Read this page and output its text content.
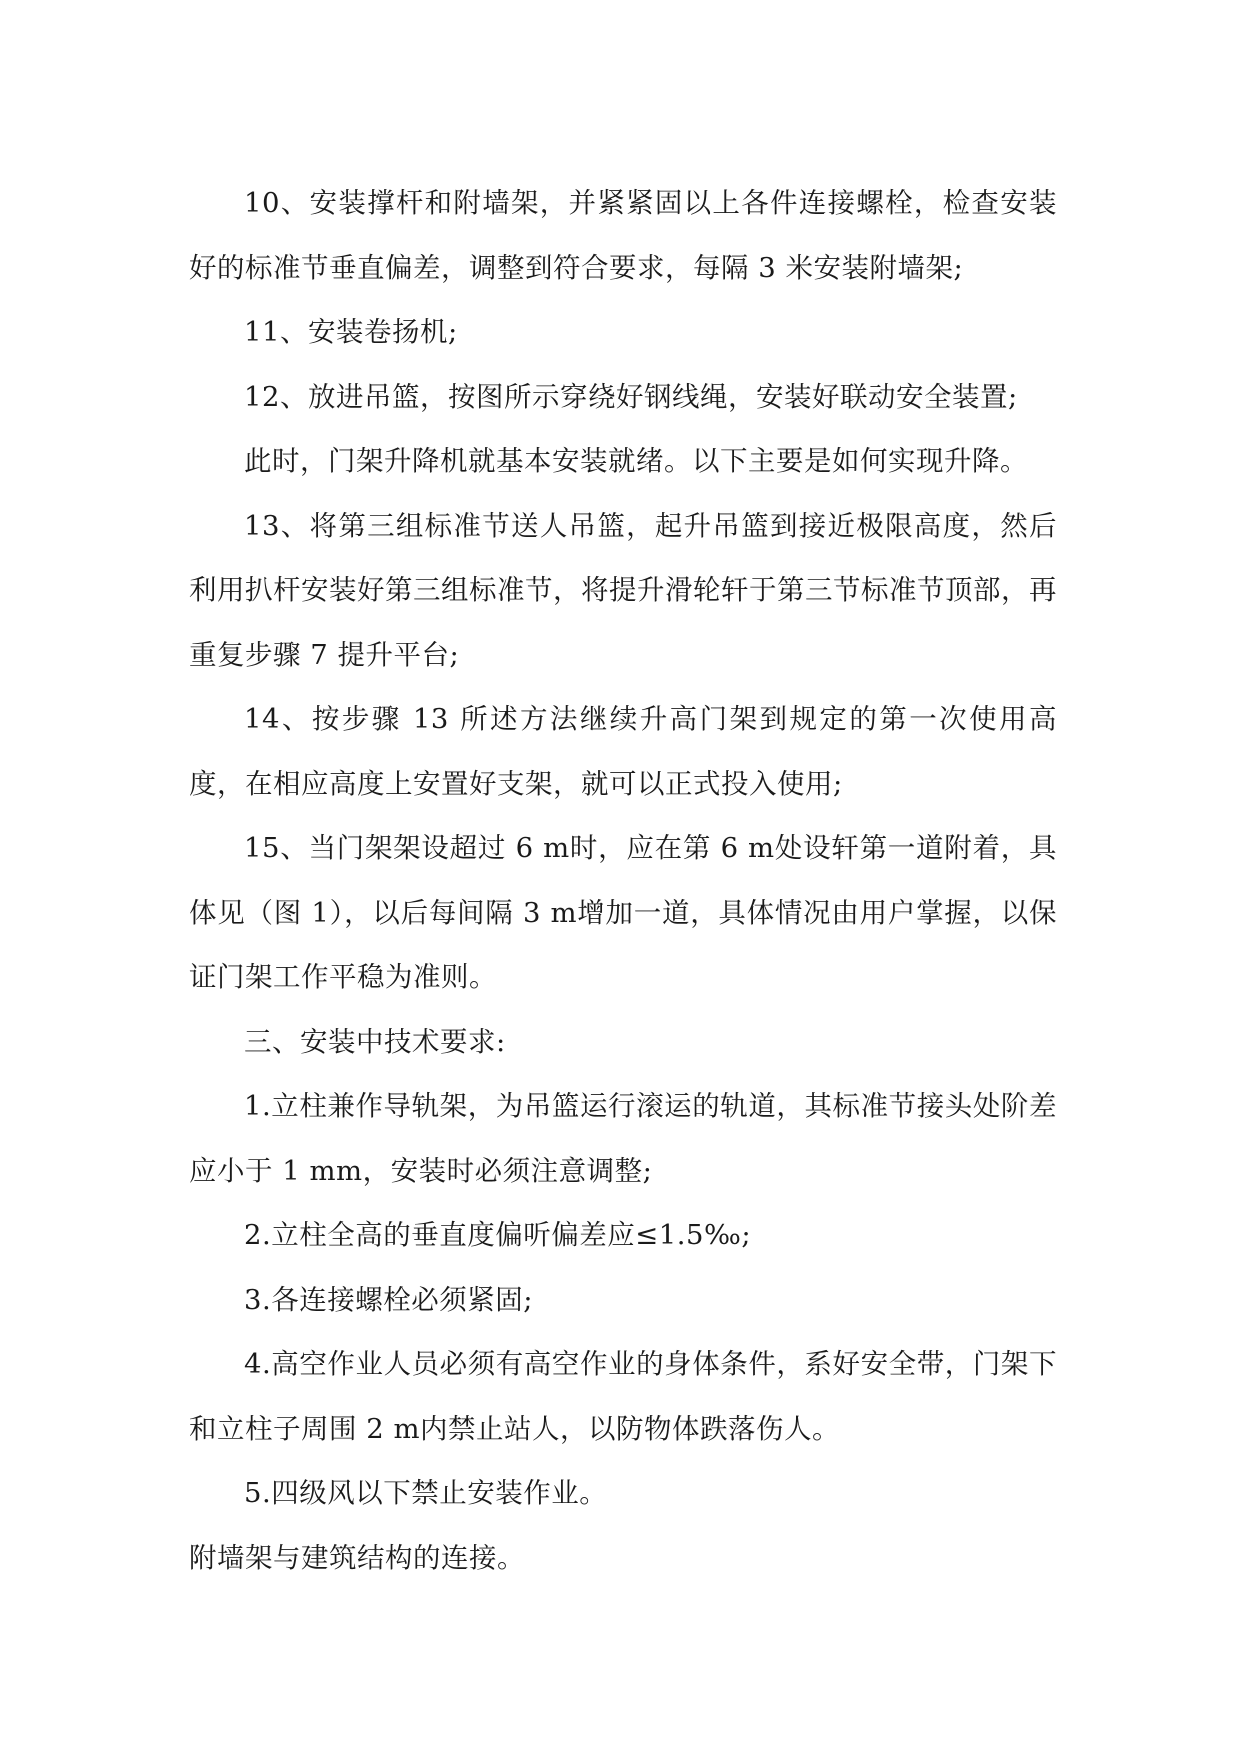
10、安装撑杆和附墙架，并紧紧固以上各件连接螺栓，检查安装好的标准节垂直偏差，调整到符合要求，每隔 3 米安装附墙架;

11、安装卷扬机;

12、放进吊篮，按图所示穿绕好钢线绳，安装好联动安全装置;

此时，门架升降机就基本安装就绪。以下主要是如何实现升降。

13、将第三组标准节送人吊篮，起升吊篮到接近极限高度，然后利用扒杆安装好第三组标准节，将提升滑轮轩于第三节标准节顶部，再重复步骤 7 提升平台;

14、按步骤 13 所述方法继续升高门架到规定的第一次使用高度，在相应高度上安置好支架，就可以正式投入使用;

15、当门架架设超过 6 m时，应在第 6 m处设轩第一道附着，具体见（图 1），以后每间隔 3 m增加一道，具体情况由用户掌握，以保证门架工作平稳为准则。

三、安装中技术要求:

1.立柱兼作导轨架，为吊篮运行滚运的轨道，其标准节接头处阶差应小于 1 mm，安装时必须注意调整;

2.立柱全高的垂直度偏听偏差应≤1.5‰;

3.各连接螺栓必须紧固;

4.高空作业人员必须有高空作业的身体条件，系好安全带，门架下和立柱子周围 2 m内禁止站人，以防物体跌落伤人。

5.四级风以下禁止安装作业。

附墙架与建筑结构的连接。
